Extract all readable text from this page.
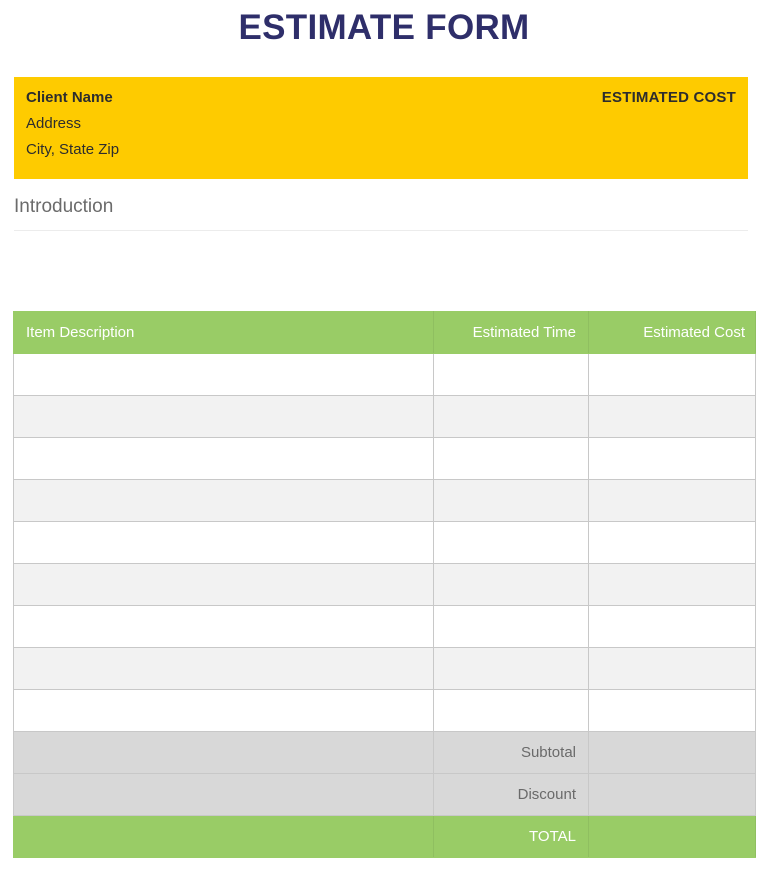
ESTIMATE FORM
Client Name
Address
City, State Zip
ESTIMATED COST
Introduction
Item Description	Estimated Time	Estimated Cost

	Subtotal	
	Discount	
	TOTAL	
